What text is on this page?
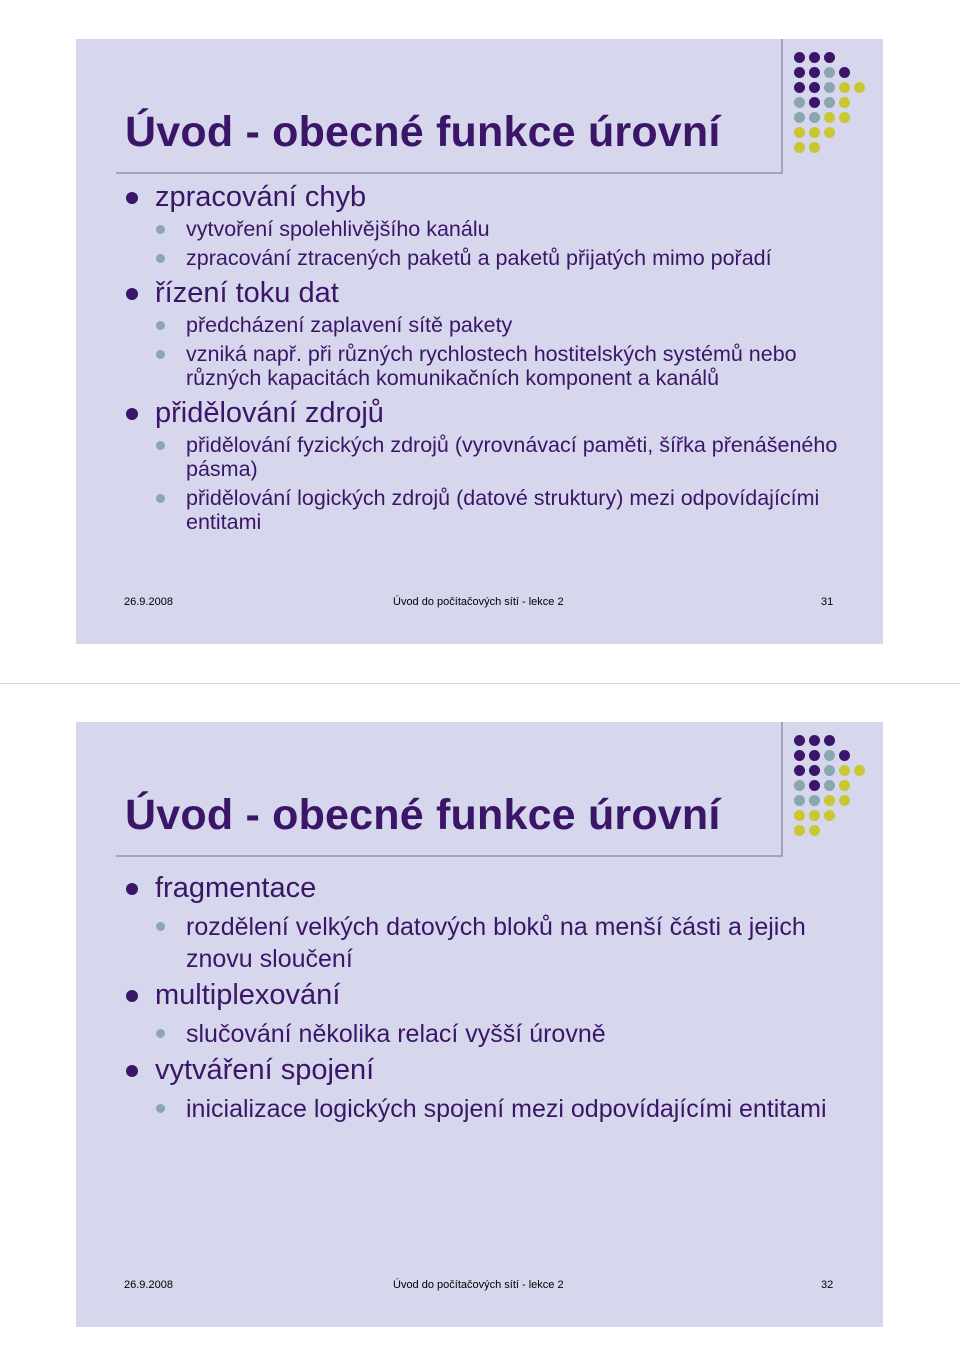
Úvod - obecné funkce úrovní
zpracování chyb
vytvoření spolehlivějšího kanálu
zpracování ztracených paketů a paketů přijatých mimo pořadí
řízení toku dat
předcházení zaplavení sítě pakety
vzniká např. při různých rychlostech hostitelských systémů nebo různých kapacitách komunikačních komponent a kanálů
přidělování zdrojů
přidělování fyzických zdrojů (vyrovnávací paměti, šířka přenášeného pásma)
přidělování logických zdrojů (datové struktury) mezi odpovídajícími entitami
26.9.2008	Úvod do počítačových sítí - lekce 2	31
Úvod - obecné funkce úrovní
fragmentace
rozdělení velkých datových bloků na menší části a jejich znovu sloučení
multiplexování
slučování několika relací vyšší úrovně
vytváření spojení
inicializace logických spojení mezi odpovídajícími entitami
26.9.2008	Úvod do počítačových sítí - lekce 2	32
